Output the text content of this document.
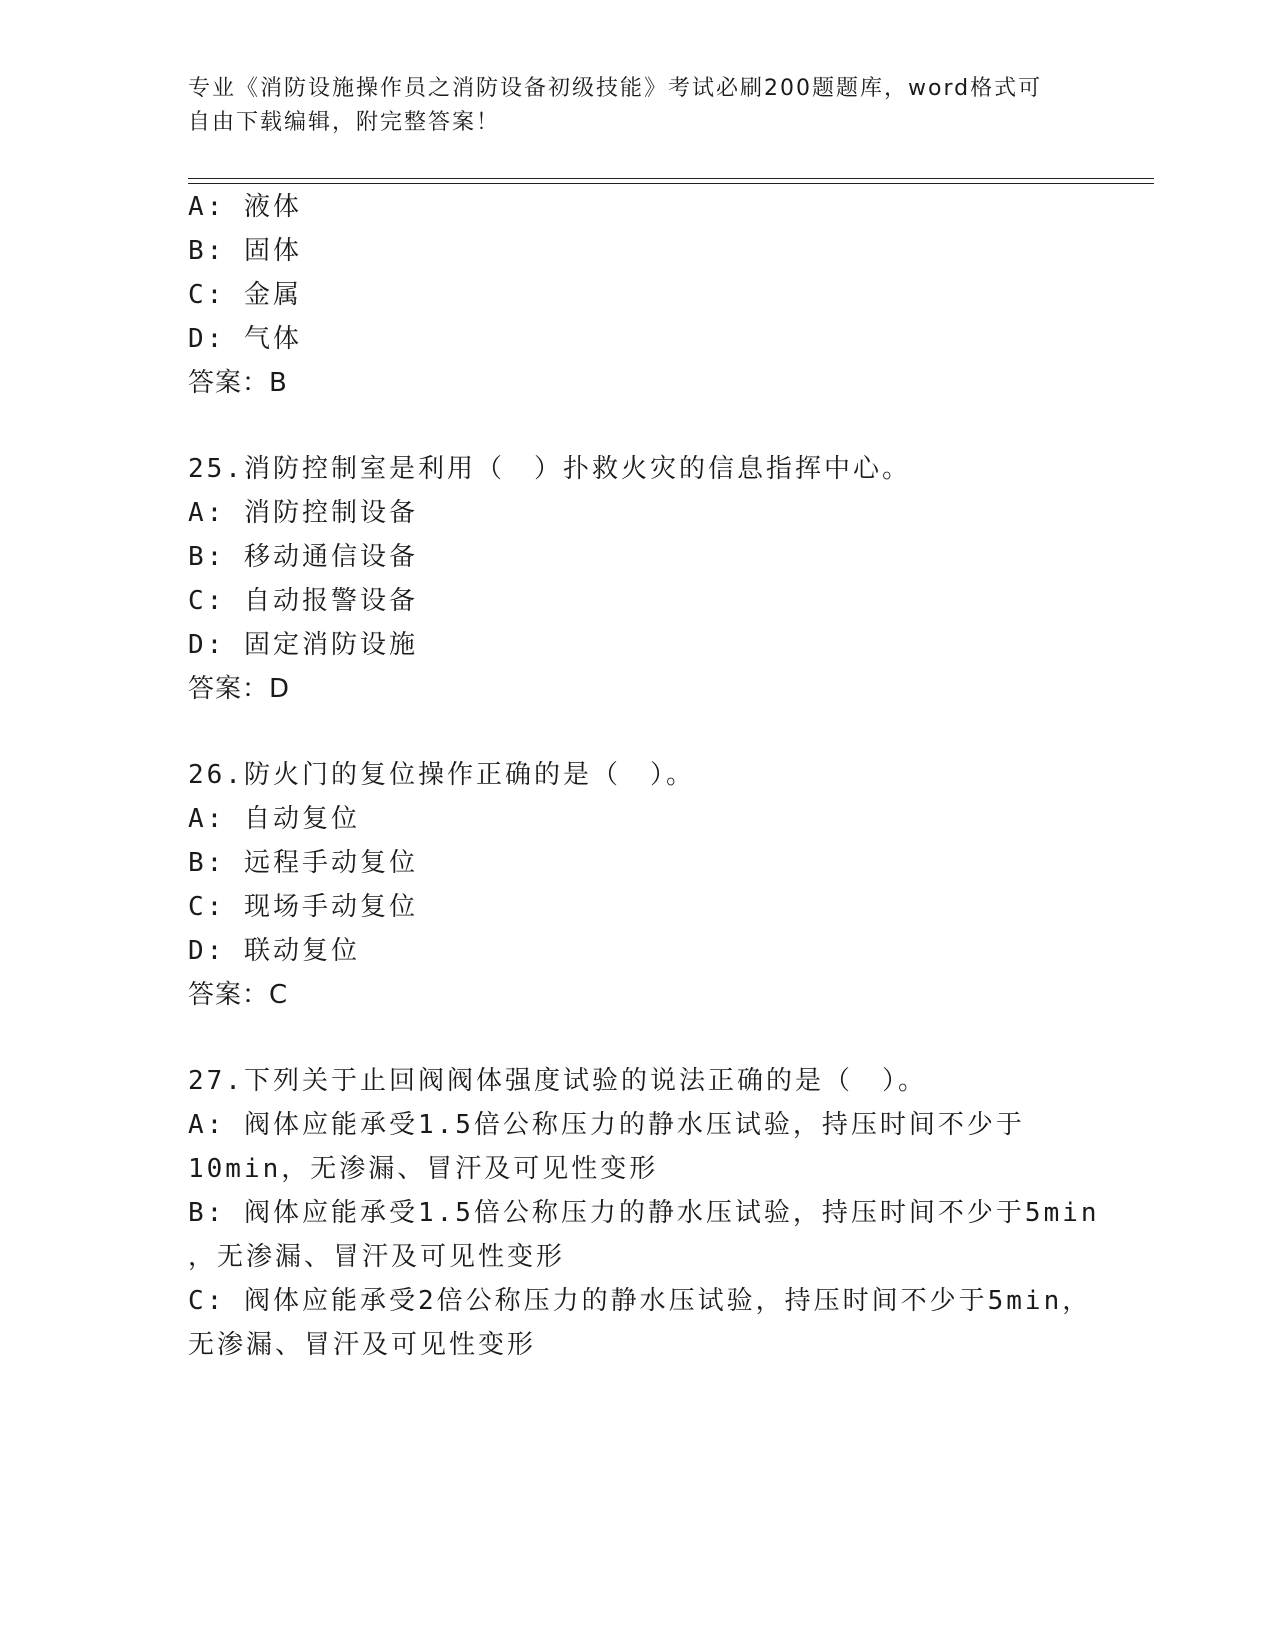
专业《消防设施操作员之消防设备初级技能》考试必刷200题题库，word格式可
自由下载编辑，附完整答案！
A: 液体
B: 固体
C: 金属
D: 气体
答案：B
25.消防控制室是利用（　）扑救火灾的信息指挥中心。
A: 消防控制设备
B: 移动通信设备
C: 自动报警设备
D: 固定消防设施
答案：D
26.防火门的复位操作正确的是（　）。
A: 自动复位
B: 远程手动复位
C: 现场手动复位
D: 联动复位
答案：C
27.下列关于止回阀阀体强度试验的说法正确的是（　）。
A: 阀体应能承受1.5倍公称压力的静水压试验，持压时间不少于
10min，无渗漏、冒汗及可见性变形
B: 阀体应能承受1.5倍公称压力的静水压试验，持压时间不少于5min
，无渗漏、冒汗及可见性变形
C: 阀体应能承受2倍公称压力的静水压试验，持压时间不少于5min，
无渗漏、冒汗及可见性变形
